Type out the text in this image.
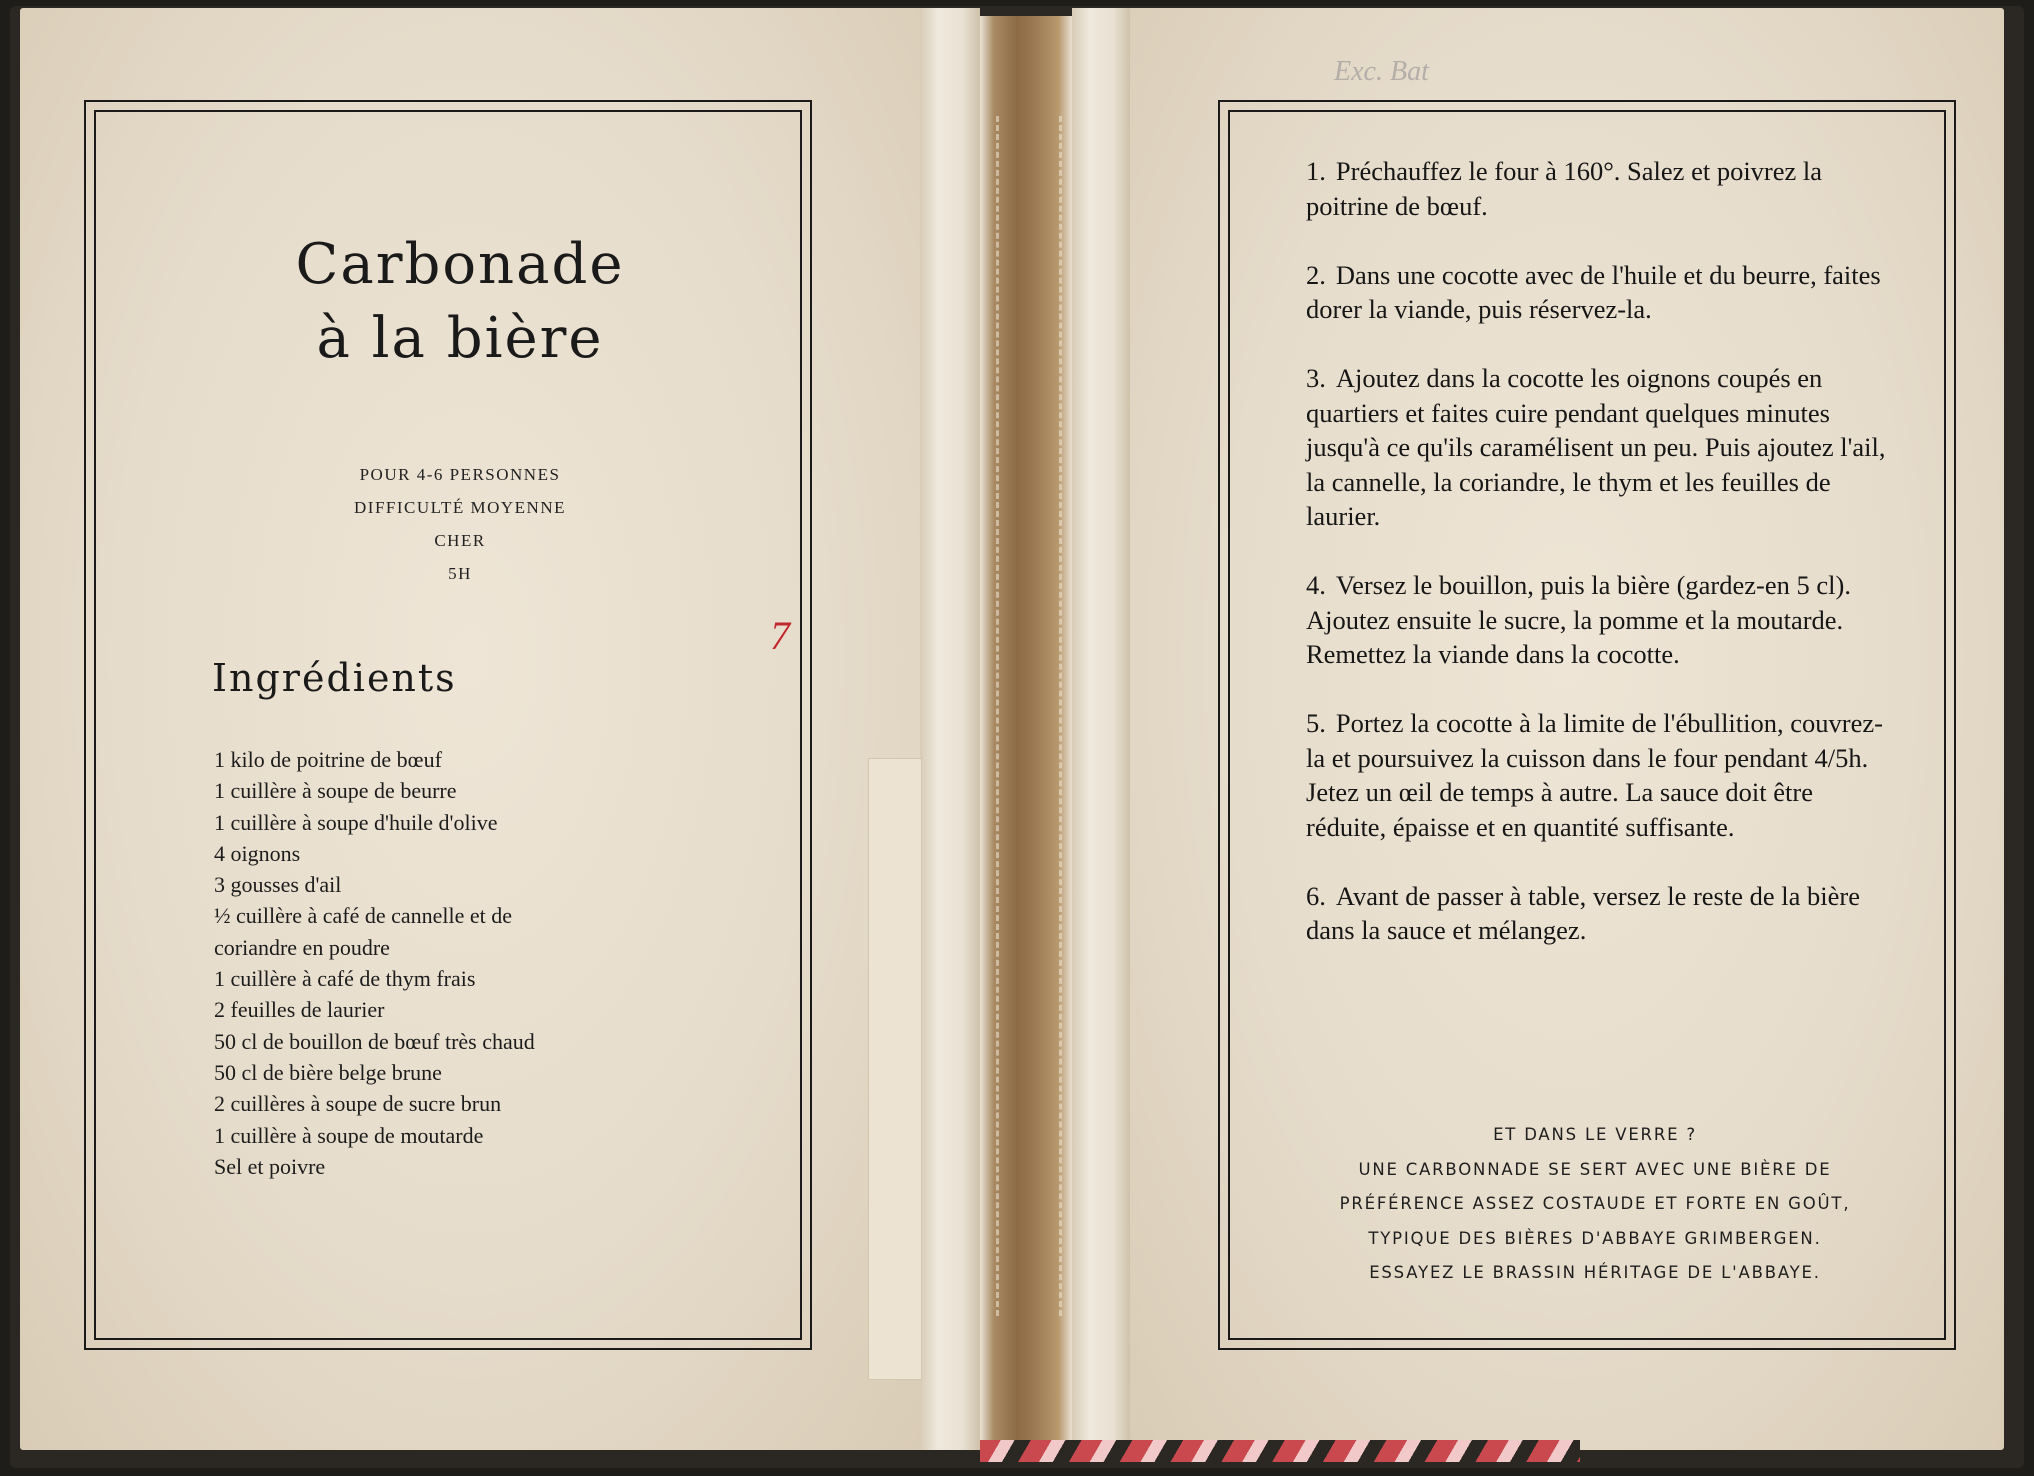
Carbonade
à la bière
POUR 4-6 PERSONNES
DIFFICULTÉ MOYENNE
CHER
5H
7
Ingrédients
1 kilo de poitrine de bœuf
1 cuillère à soupe de beurre
1 cuillère à soupe d'huile d'olive
4 oignons
3 gousses d'ail
½ cuillère à café de cannelle et de
coriandre en poudre
1 cuillère à café de thym frais
2 feuilles de laurier
50 cl de bouillon de bœuf très chaud
50 cl de bière belge brune
2 cuillères à soupe de sucre brun
1 cuillère à soupe de moutarde
Sel et poivre
Exc. Bat
1. Préchauffez le four à 160°. Salez et poivrez la poitrine de bœuf.
2. Dans une cocotte avec de l'huile et du beurre, faites dorer la viande, puis réservez-la.
3. Ajoutez dans la cocotte les oignons coupés en quartiers et faites cuire pendant quelques minutes jusqu'à ce qu'ils caramélisent un peu. Puis ajoutez l'ail, la cannelle, la coriandre, le thym et les feuilles de laurier.
4. Versez le bouillon, puis la bière (gardez-en 5 cl). Ajoutez ensuite le sucre, la pomme et la moutarde. Remettez la viande dans la cocotte.
5. Portez la cocotte à la limite de l'ébullition, couvrez-la et poursuivez la cuisson dans le four pendant 4/5h. Jetez un œil de temps à autre. La sauce doit être réduite, épaisse et en quantité suffisante.
6. Avant de passer à table, versez le reste de la bière dans la sauce et mélangez.
ET DANS LE VERRE ?
UNE CARBONNADE SE SERT AVEC UNE BIÈRE DE
PRÉFÉRENCE ASSEZ COSTAUDE ET FORTE EN GOÛT,
TYPIQUE DES BIÈRES D'ABBAYE GRIMBERGEN.
ESSAYEZ LE BRASSIN HÉRITAGE DE L'ABBAYE.
